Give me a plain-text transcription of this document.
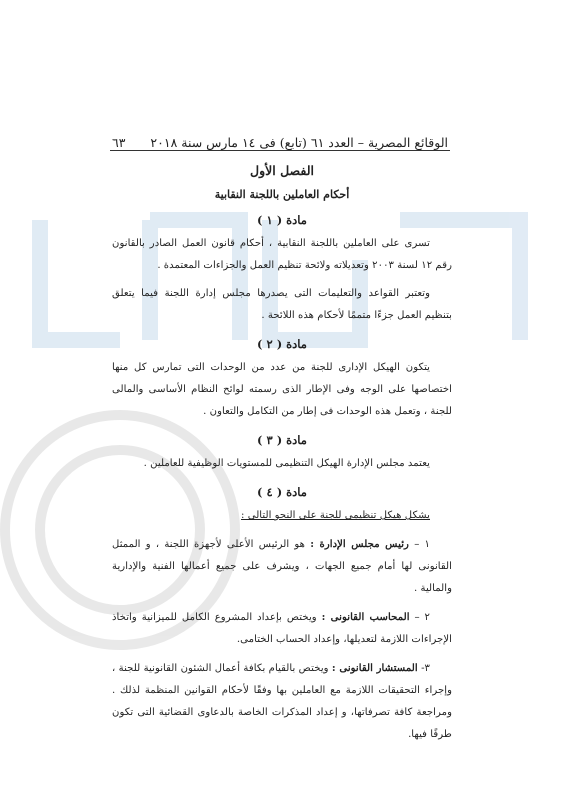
الوقائع المصرية – العدد ٦١ (تابع) فى ١٤ مارس سنة ٢٠١٨
٦٣
الفصل الأول
أحكام العاملين باللجنة النقابية
مادة ( ١ )

تسرى على العاملين باللجنة النقابية ، أحكام قانون العمل الصادر بالقانون رقم ١٢ لسنة ٢٠٠٣ وتعديلاته ولائحة تنظيم العمل والجزاءات المعتمدة .

وتعتبر القواعد والتعليمات التى يصدرها مجلس إدارة اللجنة فيما يتعلق بتنظيم العمل جزءًا متممًا لأحكام هذه اللائحة .

مادة ( ٢ )

يتكون الهيكل الإدارى للجنة من عدد من الوحدات التى تمارس كل منها اختصاصها على الوجه وفى الإطار الذى رسمته لوائح النظام الأساسى والمالى للجنة ، وتعمل هذه الوحدات فى إطار من التكامل والتعاون .

مادة ( ٣ )

يعتمد مجلس الإدارة الهيكل التنظيمى للمستويات الوظيفية للعاملين .

مادة ( ٤ )

يشكل هيكل تنظيمى للجنة على النحو التالى :

١ – رئيس مجلس الإدارة : هو الرئيس الأعلى لأجهزة اللجنة ، و الممثل القانونى لها أمام جميع الجهات ، ويشرف على جميع أعمالها الفنية والإدارية والمالية .

٢ – المحاسب القانونى : ويختص بإعداد المشروع الكامل للميزانية واتخاذ الإجراءات اللازمة لتعديلها، وإعداد الحساب الختامى.

٣- المستشار القانونى : ويختص بالقيام بكافة أعمال الشئون القانونية للجنة ، وإجراء التحقيقات اللازمة مع العاملين بها وفقًا لأحكام القوانين المنظمة لذلك . ومراجعة كافة تصرفاتها، و إعداد المذكرات الخاصة بالدعاوى القضائية التى تكون طرفًا فيها.
